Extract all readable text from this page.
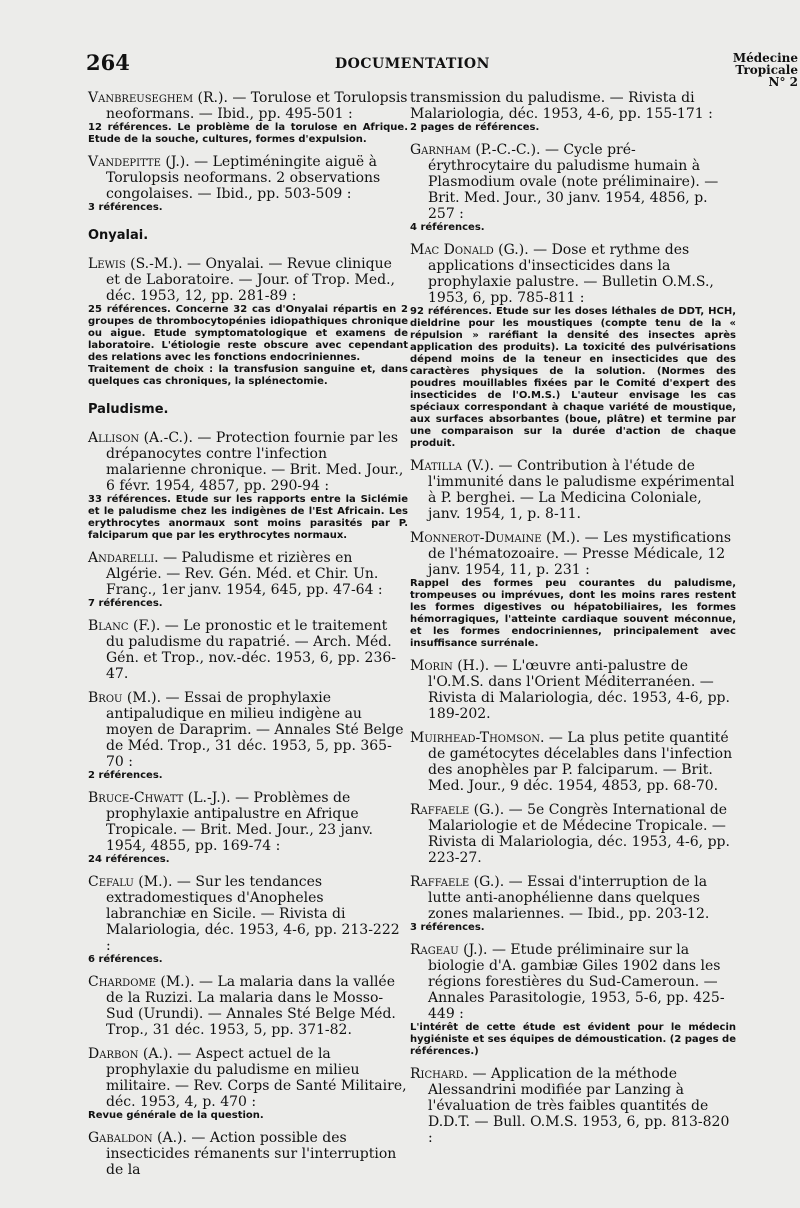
264	DOCUMENTATION	Médecine
Tropicale
N° 2
Vanbreuseghem (R.). — Torulose et Torulopsis neoformans. — Ibid., pp. 495-501 :
12 références. Le problème de la torulose en Afrique. Etude de la souche, cultures, formes d'expulsion.
Vandepitte (J.). — Leptiméningite aiguë à Torulopsis neoformans. 2 observations congolaises. — Ibid., pp. 503-509 :
3 références.
Onyalai.
Lewis (S.-M.). — Onyalai. — Revue clinique et de Laboratoire. — Jour. of Trop. Med., déc. 1953, 12, pp. 281-89 :
25 références. Concerne 32 cas d'Onyalai répartis en 2 groupes de thrombocytopénies idiopathiques chronique ou aigue. Etude symptomatologique et examens de laboratoire. L'étiologie reste obscure avec cependant des relations avec les fonctions endocriniennes.
Traitement de choix : la transfusion sanguine et, dans quelques cas chroniques, la splénectomie.
Paludisme.
Allison (A.-C.). — Protection fournie par les drépanocytes contre l'infection malarienne chronique. — Brit. Med. Jour., 6 févr. 1954, 4857, pp. 290-94 :
33 références. Etude sur les rapports entre la Siclémie et le paludisme chez les indigènes de l'Est Africain. Les erythrocytes anormaux sont moins parasités par P. falciparum que par les erythrocytes normaux.
Andarelli. — Paludisme et rizières en Algérie. — Rev. Gén. Méd. et Chir. Un. Franç., 1er janv. 1954, 645, pp. 47-64 :
7 références.
Blanc (F.). — Le pronostic et le traitement du paludisme du rapatrié. — Arch. Méd. Gén. et Trop., nov.-déc. 1953, 6, pp. 236-47.
Brou (M.). — Essai de prophylaxie antipaludique en milieu indigène au moyen de Daraprim. — Annales Sté Belge de Méd. Trop., 31 déc. 1953, 5, pp. 365-70 :
2 références.
Bruce-Chwatt (L.-J.). — Problèmes de prophylaxie antipalustre en Afrique Tropicale. — Brit. Med. Jour., 23 janv. 1954, 4855, pp. 169-74 :
24 références.
Cefalu (M.). — Sur les tendances extradomestiques d'Anopheles labranchiæ en Sicile. — Rivista di Malariologia, déc. 1953, 4-6, pp. 213-222 :
6 références.
Chardome (M.). — La malaria dans la vallée de la Ruzizi. La malaria dans le Mosso-Sud (Urundi). — Annales Sté Belge Méd. Trop., 31 déc. 1953, 5, pp. 371-82.
Darbon (A.). — Aspect actuel de la prophylaxie du paludisme en milieu militaire. — Rev. Corps de Santé Militaire, déc. 1953, 4, p. 470 :
Revue générale de la question.
Gabaldon (A.). — Action possible des insecticides rémanents sur l'interruption de la
transmission du paludisme. — Rivista di Malariologia, déc. 1953, 4-6, pp. 155-171 :
2 pages de références.
Garnham (P.-C.-C.). — Cycle pré-érythrocytaire du paludisme humain à Plasmodium ovale (note préliminaire). — Brit. Med. Jour., 30 janv. 1954, 4856, p. 257 :
4 références.
Mac Donald (G.). — Dose et rythme des applications d'insecticides dans la prophylaxie palustre. — Bulletin O.M.S., 1953, 6, pp. 785-811 :
92 références. Etude sur les doses léthales de DDT, HCH, dieldrine pour les moustiques (compte tenu de la « répulsion » raréfiant la densité des insectes après application des produits). La toxicité des pulvérisations dépend moins de la teneur en insecticides que des caractères physiques de la solution. (Normes des poudres mouillables fixées par le Comité d'expert des insecticides de l'O.M.S.) L'auteur envisage les cas spéciaux correspondant à chaque variété de moustique, aux surfaces absorbantes (boue, plâtre) et termine par une comparaison sur la durée d'action de chaque produit.
Matilla (V.). — Contribution à l'étude de l'immunité dans le paludisme expérimental à P. berghei. — La Medicina Coloniale, janv. 1954, 1, p. 8-11.
Monnerot-Dumaine (M.). — Les mystifications de l'hématozoaire. — Presse Médicale, 12 janv. 1954, 11, p. 231 :
Rappel des formes peu courantes du paludisme, trompeuses ou imprévues, dont les moins rares restent les formes digestives ou hépatobiliaires, les formes hémorragiques, l'atteinte cardiaque souvent méconnue, et les formes endocriniennes, principalement avec insuffisance surrénale.
Morin (H.). — L'œuvre anti-palustre de l'O.M.S. dans l'Orient Méditerranéen. — Rivista di Malariologia, déc. 1953, 4-6, pp. 189-202.
Muirhead-Thomson. — La plus petite quantité de gamétocytes décelables dans l'infection des anophèles par P. falciparum. — Brit. Med. Jour., 9 déc. 1954, 4853, pp. 68-70.
Raffaele (G.). — 5e Congrès International de Malariologie et de Médecine Tropicale. — Rivista di Malariologia, déc. 1953, 4-6, pp. 223-27.
Raffaele (G.). — Essai d'interruption de la lutte anti-anophélienne dans quelques zones malariennes. — Ibid., pp. 203-12.
3 références.
Rageau (J.). — Etude préliminaire sur la biologie d'A. gambiæ Giles 1902 dans les régions forestières du Sud-Cameroun. — Annales Parasitologie, 1953, 5-6, pp. 425-449 :
L'intérêt de cette étude est évident pour le médecin hygiéniste et ses équipes de démoustication. (2 pages de références.)
Richard. — Application de la méthode Alessandrini modifiée par Lanzing à l'évaluation de très faibles quantités de D.D.T. — Bull. O.M.S. 1953, 6, pp. 813-820 :
